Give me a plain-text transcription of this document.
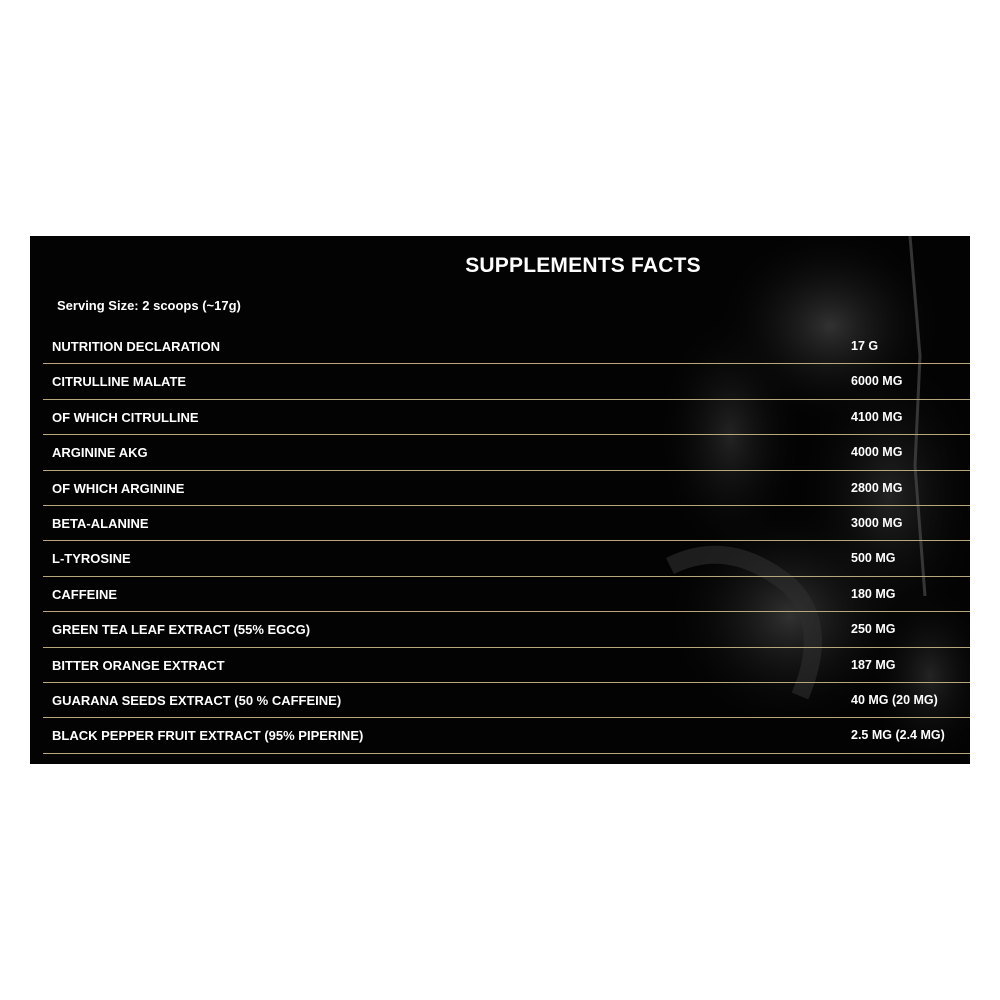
SUPPLEMENTS FACTS
Serving Size: 2 scoops (~17g)
NUTRITION DECLARATION	17 G
CITRULLINE MALATE	6000 MG
OF WHICH CITRULLINE	4100 MG
ARGININE AKG	4000 MG
OF WHICH ARGININE	2800 MG
BETA-ALANINE	3000 MG
L-TYROSINE	500 MG
CAFFEINE	180 MG
GREEN TEA LEAF EXTRACT (55% EGCG)	250 MG
BITTER ORANGE EXTRACT	187 MG
GUARANA SEEDS EXTRACT (50 % CAFFEINE)	40 MG (20 MG)
BLACK PEPPER FRUIT EXTRACT (95% PIPERINE)	2.5 MG (2.4 MG)
